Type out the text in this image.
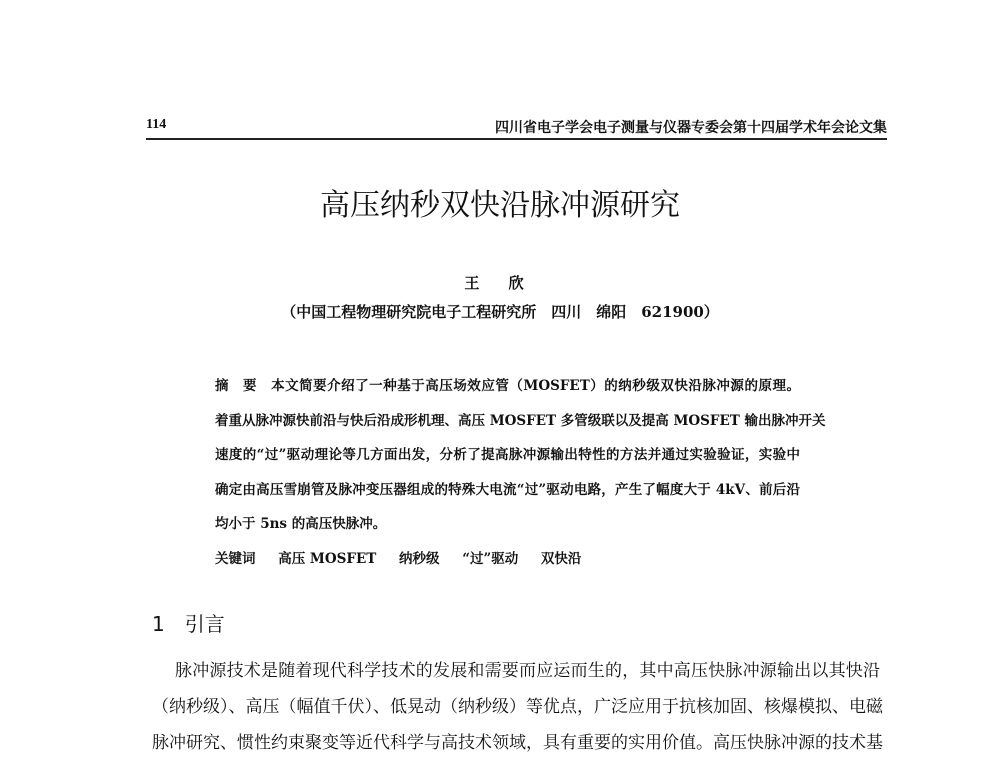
114	四川省电子学会电子测量与仪器专委会第十四届学术年会论文集
高压纳秒双快沿脉冲源研究
王 欣
（中国工程物理研究院电子工程研究所　四川　绵阳　621900）
摘　要　本文简要介绍了一种基于高压场效应管（MOSFET）的纳秒级双快沿脉冲源的原理。
着重从脉冲源快前沿与快后沿成形机理、高压 MOSFET 多管级联以及提高 MOSFET 输出脉冲开关
速度的“过”驱动理论等几方面出发，分析了提高脉冲源输出特性的方法并通过实验验证，实验中
确定由高压雪崩管及脉冲变压器组成的特殊大电流“过”驱动电路，产生了幅度大于 4kV、前后沿
均小于 5ns 的高压快脉冲。
关键词 高压 MOSFET 纳秒级 “过”驱动 双快沿
1　引言
脉冲源技术是随着现代科学技术的发展和需要而应运而生的，其中高压快脉冲源输出以其快沿
（纳秒级）、高压（幅值千伏）、低晃动（纳秒级）等优点，广泛应用于抗核加固、核爆模拟、电磁
脉冲研究、惯性约束聚变等近代科学与高技术领域，具有重要的实用价值。高压快脉冲源的技术基
